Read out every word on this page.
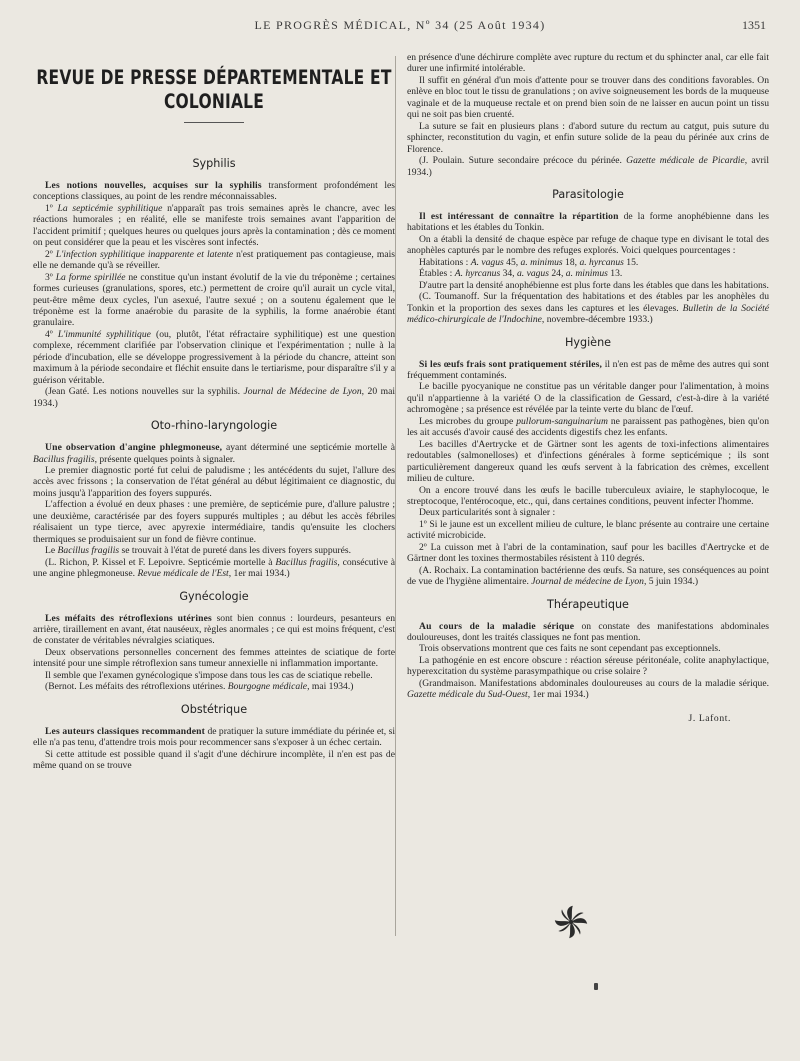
LE PROGRÈS MÉDICAL, Nº 34 (25 Août 1934)	1351
REVUE DE PRESSE DÉPARTEMENTALE ET COLONIALE
Syphilis

Les notions nouvelles, acquises sur la syphilis transforment profondément les conceptions classiques, au point de les rendre méconnaissables.

1º La septicémie syphilitique n'apparaît pas trois semaines après le chancre, avec les réactions humorales ; en réalité, elle se manifeste trois semaines avant l'apparition de l'accident primitif ; quelques heures ou quelques jours après la contamination ; dès ce moment on peut considérer que la peau et les viscères sont infectés.

2º L'infection syphilitique inapparente et latente n'est pratiquement pas contagieuse, mais elle ne demande qu'à se réveiller.

3º La forme spirillée ne constitue qu'un instant évolutif de la vie du tréponème ; certaines formes curieuses (granulations, spores, etc.) permettent de croire qu'il aurait un cycle vital, peut-être même deux cycles, l'un asexué, l'autre sexué ; on a soutenu également que le tréponème est la forme anaérobie du parasite de la syphilis, la forme anaérobie étant granulaire.

4º L'immunité syphilitique (ou, plutôt, l'état réfractaire syphilitique) est une question complexe, récemment clarifiée par l'observation clinique et l'expérimentation ; nulle à la période d'incubation, elle se développe progressivement à la période du chancre, atteint son maximum à la période secondaire et fléchit ensuite dans le tertiarisme, pour disparaître s'il y a guérison véritable.

(Jean Gaté. Les notions nouvelles sur la syphilis. Journal de Médecine de Lyon, 20 mai 1934.)

Oto-rhino-laryngologie

Une observation d'angine phlegmoneuse, ayant déterminé une septicémie mortelle à Bacillus fragilis, présente quelques points à signaler.

Le premier diagnostic porté fut celui de paludisme ; les antécédents du sujet, l'allure des accès avec frissons ; la conservation de l'état général au début légitimaient ce diagnostic, du moins jusqu'à l'apparition des foyers suppurés.

L'affection a évolué en deux phases : une première, de septicémie pure, d'allure palustre ; une deuxième, caractérisée par des foyers suppurés multiples ; au début les accès fébriles réalisaient un type tierce, avec apyrexie intermédiaire, tandis qu'ensuite les clochers thermiques se produisaient sur un fond de fièvre continue.

Le Bacillus fragilis se trouvait à l'état de pureté dans les divers foyers suppurés.

(L. Richon, P. Kissel et F. Lepoivre. Septicémie mortelle à Bacillus fragilis, consécutive à une angine phlegmoneuse. Revue médicale de l'Est, 1er mai 1934.)

Gynécologie

Les méfaits des rétroflexions utérines sont bien connus : lourdeurs, pesanteurs en arrière, tiraillement en avant, état nauséeux, règles anormales ; ce qui est moins fréquent, c'est de constater de véritables névralgies sciatiques.

Deux observations personnelles concernent des femmes atteintes de sciatique de forte intensité pour une simple rétroflexion sans tumeur annexielle ni inflammation importante.

Il semble que l'examen gynécologique s'impose dans tous les cas de sciatique rebelle.

(Bernot. Les méfaits des rétroflexions utérines. Bourgogne médicale, mai 1934.)

Obstétrique

Les auteurs classiques recommandent de pratiquer la suture immédiate du périnée et, si elle n'a pas tenu, d'attendre trois mois pour recommencer sans s'exposer à un échec certain.

Si cette attitude est possible quand il s'agit d'une déchirure incomplète, il n'en est pas de même quand on se trouve

en présence d'une déchirure complète avec rupture du rectum et du sphincter anal, car elle fait durer une infirmité intolérable.

Il suffit en général d'un mois d'attente pour se trouver dans des conditions favorables. On enlève en bloc tout le tissu de granulations ; on avive soigneusement les bords de la muqueuse vaginale et de la muqueuse rectale et on prend bien soin de ne laisser en aucun point un tissu qui ne soit pas bien cruenté.

La suture se fait en plusieurs plans : d'abord suture du rectum au catgut, puis suture du sphincter, reconstitution du vagin, et enfin suture solide de la peau du périnée aux crins de Florence.

(J. Poulain. Suture secondaire précoce du périnée. Gazette médicale de Picardie, avril 1934.)

Parasitologie

Il est intéressant de connaître la répartition de la forme anophébienne dans les habitations et les étables du Tonkin.

On a établi la densité de chaque espèce par refuge de chaque type en divisant le total des anophèles capturés par le nombre des refuges explorés. Voici quelques pourcentages :

Habitations : A. vagus 45, a. minimus 18, a. hyrcanus 15.

Étables : A. hyrcanus 34, a. vagus 24, a. minimus 13.

D'autre part la densité anophébienne est plus forte dans les étables que dans les habitations.

(C. Toumanoff. Sur la fréquentation des habitations et des étables par les anophèles du Tonkin et la proportion des sexes dans les captures et les élevages. Bulletin de la Société médico-chirurgicale de l'Indochine, novembre-décembre 1933.)

Hygiène

Si les œufs frais sont pratiquement stériles, il n'en est pas de même des autres qui sont fréquemment contaminés.

Le bacille pyocyanique ne constitue pas un véritable danger pour l'alimentation, à moins qu'il n'appartienne à la variété O de la classification de Gessard, c'est-à-dire à la variété achromogène ; sa présence est révélée par la teinte verte du blanc de l'œuf.

Les microbes du groupe pullorum-sanguinarium ne paraissent pas pathogènes, bien qu'on les ait accusés d'avoir causé des accidents digestifs chez les enfants.

Les bacilles d'Aertrycke et de Gärtner sont les agents de toxi-infections alimentaires redoutables (salmonelloses) et d'infections générales à forme septicémique ; ils sont particulièrement dangereux quand les œufs servent à la fabrication des crèmes, excellent milieu de culture.

On a encore trouvé dans les œufs le bacille tuberculeux aviaire, le staphylocoque, le streptocoque, l'entérocoque, etc., qui, dans certaines conditions, peuvent infecter l'homme.

Deux particularités sont à signaler :

1º Si le jaune est un excellent milieu de culture, le blanc présente au contraire une certaine activité microbicide.

2º La cuisson met à l'abri de la contamination, sauf pour les bacilles d'Aertrycke et de Gärtner dont les toxines thermostabiles résistent à 110 degrés.

(A. Rochaix. La contamination bactérienne des œufs. Sa nature, ses conséquences au point de vue de l'hygiène alimentaire. Journal de médecine de Lyon, 5 juin 1934.)

Thérapeutique

Au cours de la maladie sérique on constate des manifestations abdominales douloureuses, dont les traités classiques ne font pas mention.

Trois observations montrent que ces faits ne sont cependant pas exceptionnels.

La pathogénie en est encore obscure : réaction séreuse péritonéale, colite anaphylactique, hyperexcitation du système parasympathique ou crise solaire ?

(Grandmaison. Manifestations abdominales douloureuses au cours de la maladie sérique. Gazette médicale du Sud-Ouest, 1er mai 1934.)

J. Lafont.
